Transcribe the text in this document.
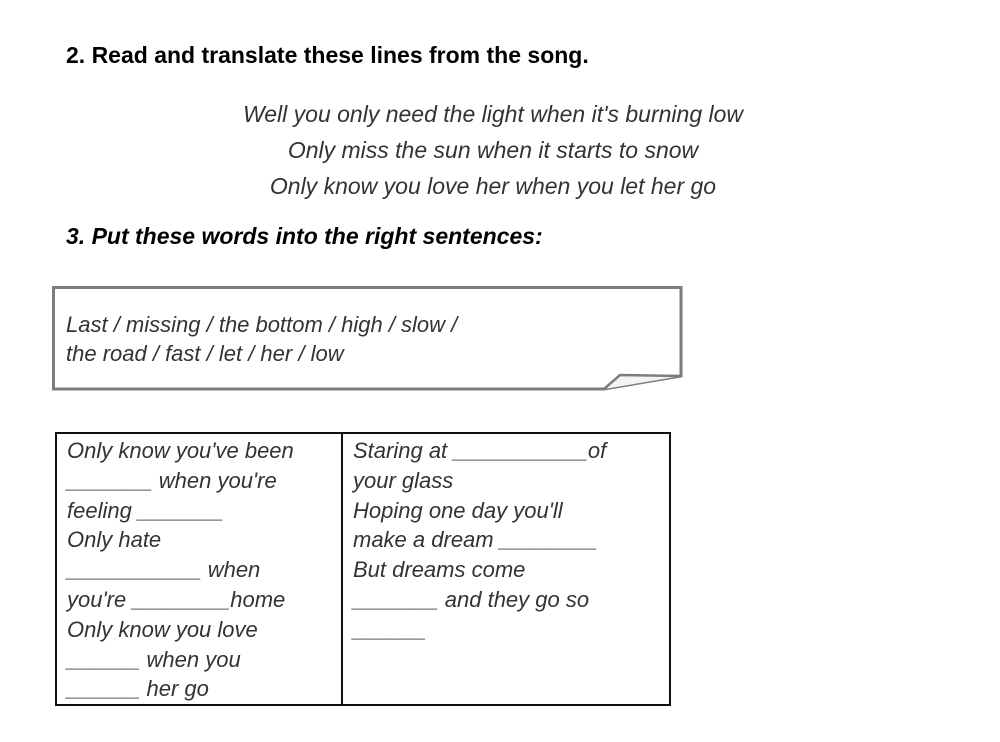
2. Read and translate these lines from the song.
Well you only need the light when it's burning low
Only miss the sun when it starts to snow
Only know you love her when you let her go
3. Put these words into the right sentences:
Last / missing / the bottom / high / slow /
the road / fast / let / her / low
Only know you've been
_______ when you're
feeling _______
Only hate
___________ when
you're ________home
Only know you love
______ when you
______ her go

Staring at ___________of
your glass
Hoping one day you'll
make a dream ________
But dreams come
_______ and they go so
______
